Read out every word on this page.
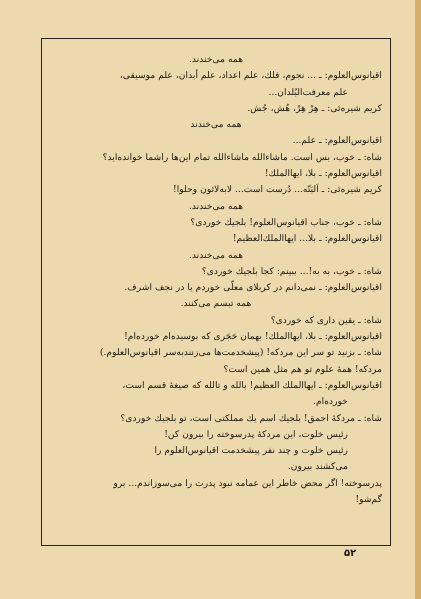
همه می‌خندند.
اقیانوس‌العلوم: ـ ... نجوم، فلك، علم اعداد، علم أبدان، علم موسیقی،
علم معرفت‌البُلدان...
کریم شیره‌ئی: ـ هِرْ هِرْ، هُش، جُش.
همه می‌خندند
اقیانوس‌العلوم: ـ علم...
شاه: ـ خوب، بس است. ماشاءالله ماشاءالله تمام این‌ها راشما خوانده‌اید؟
اقیانوس‌العلوم: ـ بلا، ایهاالملك!
کریم شیره‌ئی: ـ اَلبَتّه... دُرست است... لابه‌لائون وحلوا!
همه می‌خندند.
شاه: ـ خوب، جناب اقیانوس‌العلوم! بلجیك خوردی؟
اقیانوس‌العلوم: ـ بلا... ایهاالملك‌العظیم!
همه می‌خندند.
شاه: ـ خوب، به به!... ببینم: کجا بلجیك خوردی؟
اقیانوس‌العلوم: ـ نمی‌دانم در کربلای معلّی خوردم یا در نجف اشرف.
همه تبسم می‌کنند.
شاه: ـ یقین داری که خوردی؟
اقیانوس‌العلوم: ـ بلا، ایهاالملك! بهمان حَجَری که بوسیده‌ام خورده‌ام!
شاه: ـ بزنید تو سر این مردکه! (پیشخدمت‌ها می‌زنندبه‌سر اقیانوس‌العلوم.)
مردکه! همهٔ علوم تو هم مثل همین است؟
اقیانوس‌العلوم: ـ ایهاالملك العظیم! بالله و تالله که صیغهٔ قسم است،
خورده‌ام.
شاه: ـ مردکهٔ احمق! بلجیك اسم یك مملکتی است، تو بلجیك خوردی؟
رئیس خلوت، این مردکهٔ پدرسوخته را بیرون کن!
رئیس خلوت و چند نفر پیشخدمت اقیانوس‌العلوم را
می‌کشند بیرون.
پدرسوخته! اگر محض خاطر این عمامه نبود پدرت را می‌سوزاندم... برو
گم‌شو!
۵۲
